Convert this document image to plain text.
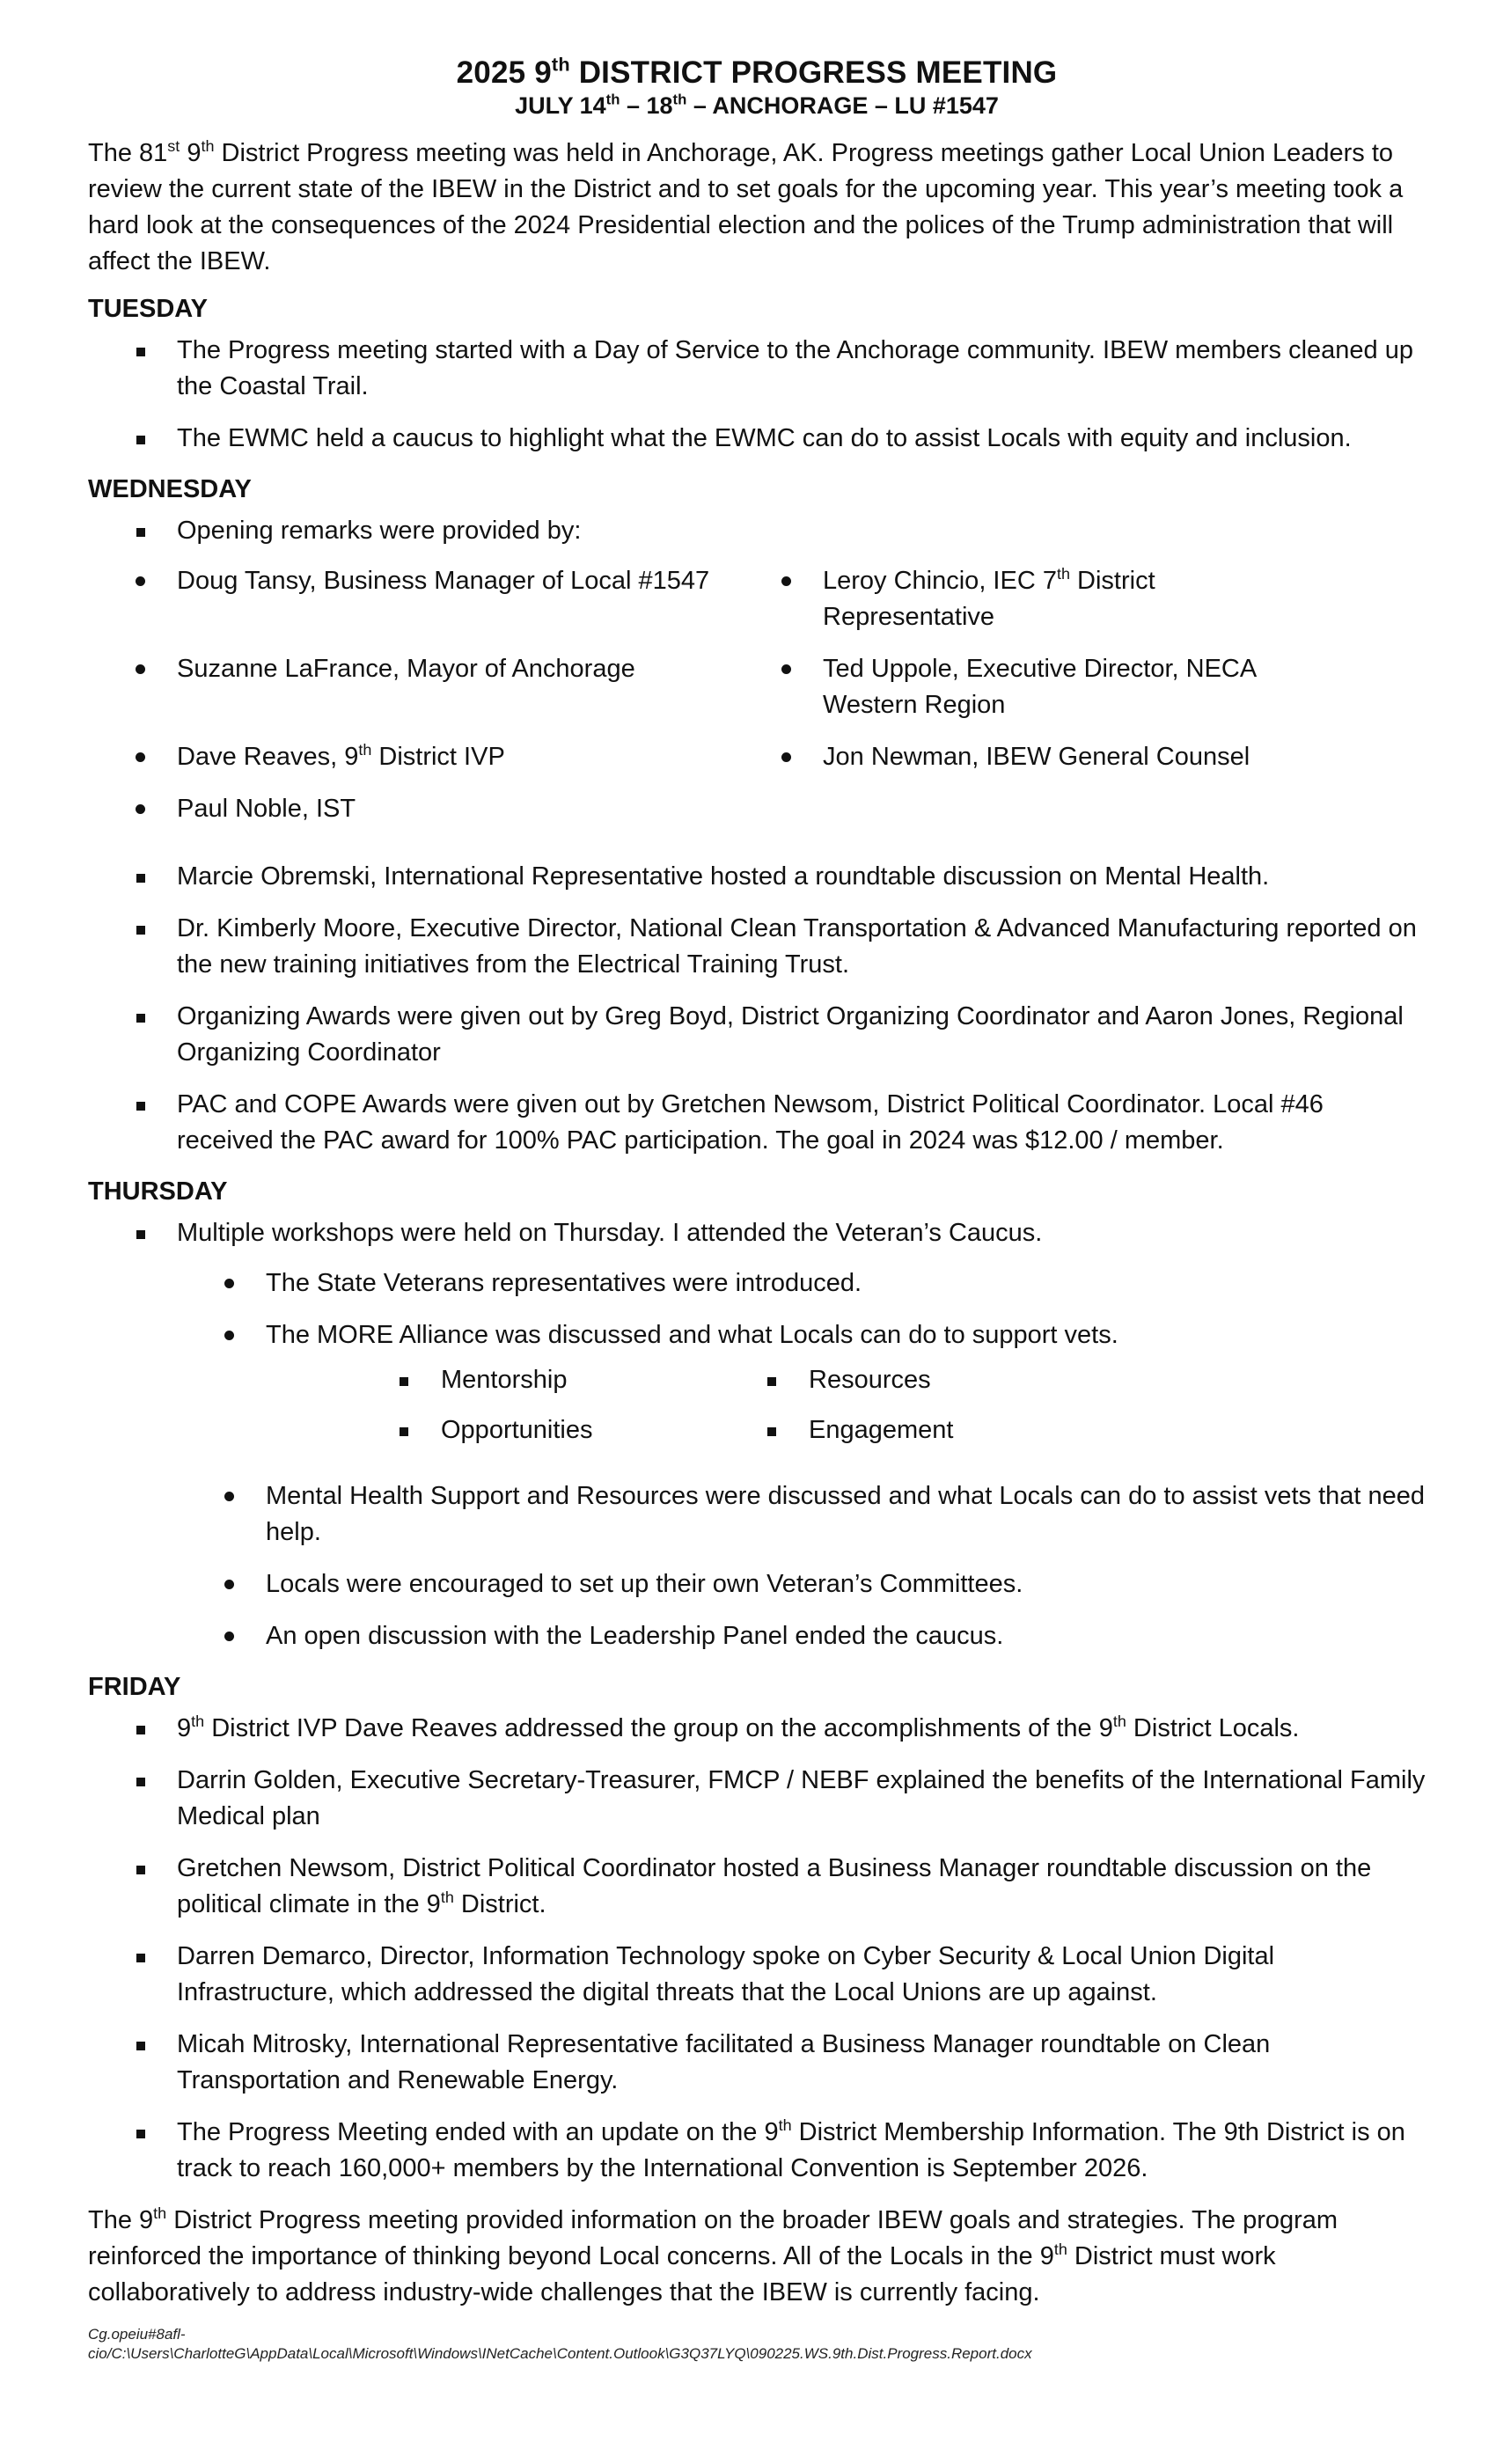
2025 9th DISTRICT PROGRESS MEETING
JULY 14th – 18th – ANCHORAGE – LU #1547

The 81st 9th District Progress meeting was held in Anchorage, AK. Progress meetings gather Local Union Leaders to review the current state of the IBEW in the District and to set goals for the upcoming year. This year’s meeting took a hard look at the consequences of the 2024 Presidential election and the polices of the Trump administration that will affect the IBEW.

TUESDAY
The Progress meeting started with a Day of Service to the Anchorage community. IBEW members cleaned up the Coastal Trail.
The EWMC held a caucus to highlight what the EWMC can do to assist Locals with equity and inclusion.
WEDNESDAY
Opening remarks were provided by:
Doug Tansy, Business Manager of Local #1547	Leroy Chincio, IEC 7th District Representative
Suzanne LaFrance, Mayor of Anchorage	Ted Uppole, Executive Director, NECA Western Region
Dave Reaves, 9th District IVP	Jon Newman, IBEW General Counsel
Paul Noble, IST
Marcie Obremski, International Representative hosted a roundtable discussion on Mental Health.
Dr. Kimberly Moore, Executive Director, National Clean Transportation & Advanced Manufacturing reported on the new training initiatives from the Electrical Training Trust.
Organizing Awards were given out by Greg Boyd, District Organizing Coordinator and Aaron Jones, Regional Organizing Coordinator
PAC and COPE Awards were given out by Gretchen Newsom, District Political Coordinator. Local #46 received the PAC award for 100% PAC participation. The goal in 2024 was $12.00 / member.
THURSDAY
Multiple workshops were held on Thursday. I attended the Veteran’s Caucus.
The State Veterans representatives were introduced.
The MORE Alliance was discussed and what Locals can do to support vets.
Mentorship	Resources
Opportunities	Engagement
Mental Health Support and Resources were discussed and what Locals can do to assist vets that need help.
Locals were encouraged to set up their own Veteran’s Committees.
An open discussion with the Leadership Panel ended the caucus.
FRIDAY
9th District IVP Dave Reaves addressed the group on the accomplishments of the 9th District Locals.
Darrin Golden, Executive Secretary-Treasurer, FMCP / NEBF explained the benefits of the International Family Medical plan
Gretchen Newsom, District Political Coordinator hosted a Business Manager roundtable discussion on the political climate in the 9th District.
Darren Demarco, Director, Information Technology spoke on Cyber Security & Local Union Digital Infrastructure, which addressed the digital threats that the Local Unions are up against.
Micah Mitrosky, International Representative facilitated a Business Manager roundtable on Clean Transportation and Renewable Energy.
The Progress Meeting ended with an update on the 9th District Membership Information. The 9th District is on track to reach 160,000+ members by the International Convention is September 2026.

The 9th District Progress meeting provided information on the broader IBEW goals and strategies. The program reinforced the importance of thinking beyond Local concerns. All of the Locals in the 9th District must work collaboratively to address industry-wide challenges that the IBEW is currently facing.

Cg.opeiu#8afl-
cio/C:\Users\CharlotteG\AppData\Local\Microsoft\Windows\INetCache\Content.Outlook\G3Q37LYQ\090225.WS.9th.Dist.Progress.Report.docx
